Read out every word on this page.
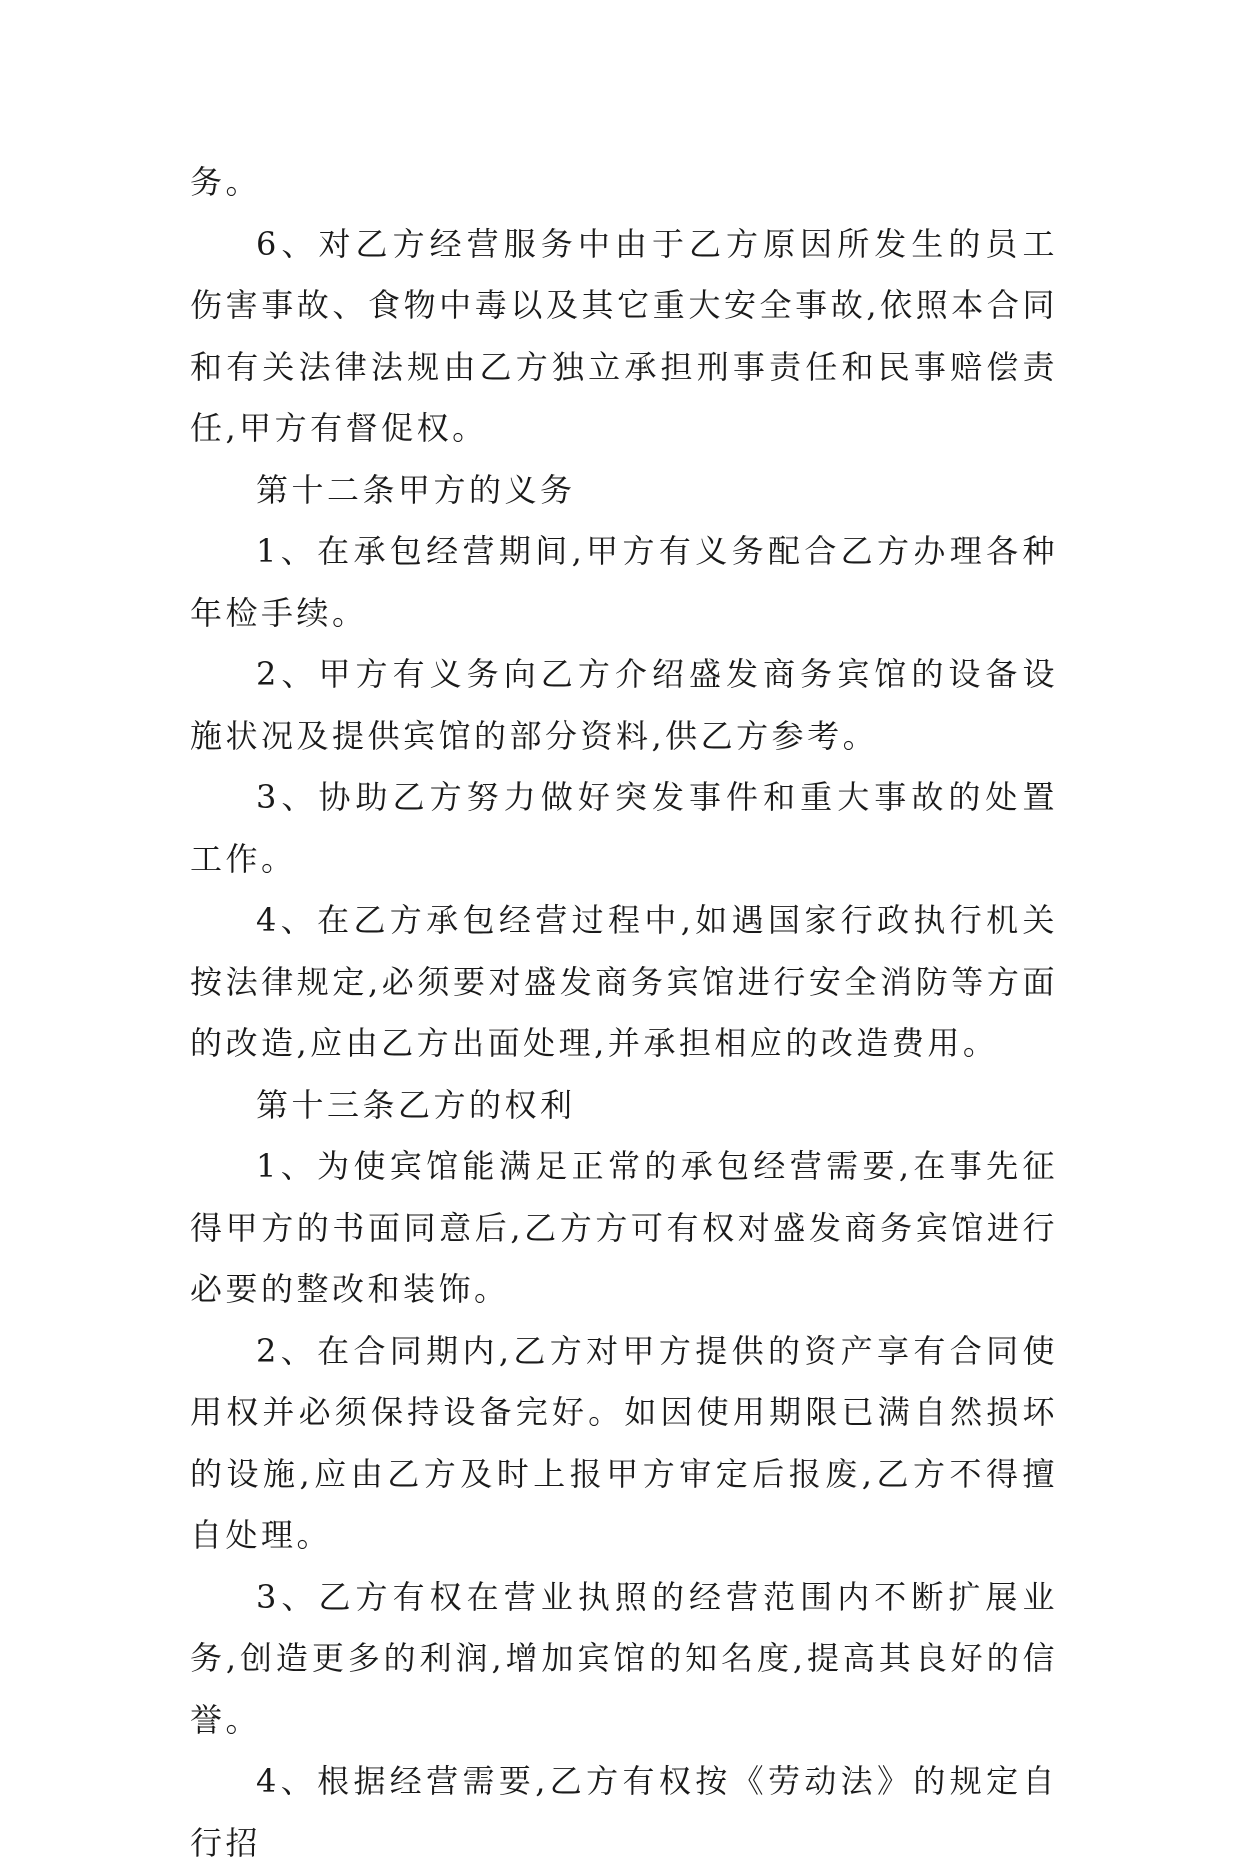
务。

6、对乙方经营服务中由于乙方原因所发生的员工伤害事故、食物中毒以及其它重大安全事故,依照本合同和有关法律法规由乙方独立承担刑事责任和民事赔偿责任,甲方有督促权。

第十二条甲方的义务

1、在承包经营期间,甲方有义务配合乙方办理各种年检手续。

2、甲方有义务向乙方介绍盛发商务宾馆的设备设施状况及提供宾馆的部分资料,供乙方参考。

3、协助乙方努力做好突发事件和重大事故的处置工作。

4、在乙方承包经营过程中,如遇国家行政执行机关按法律规定,必须要对盛发商务宾馆进行安全消防等方面的改造,应由乙方出面处理,并承担相应的改造费用。

第十三条乙方的权利

1、为使宾馆能满足正常的承包经营需要,在事先征得甲方的书面同意后,乙方方可有权对盛发商务宾馆进行必要的整改和装饰。

2、在合同期内,乙方对甲方提供的资产享有合同使用权并必须保持设备完好。如因使用期限已满自然损坏的设施,应由乙方及时上报甲方审定后报废,乙方不得擅自处理。

3、乙方有权在营业执照的经营范围内不断扩展业务,创造更多的利润,增加宾馆的知名度,提高其良好的信誉。

4、根据经营需要,乙方有权按《劳动法》的规定自行招
